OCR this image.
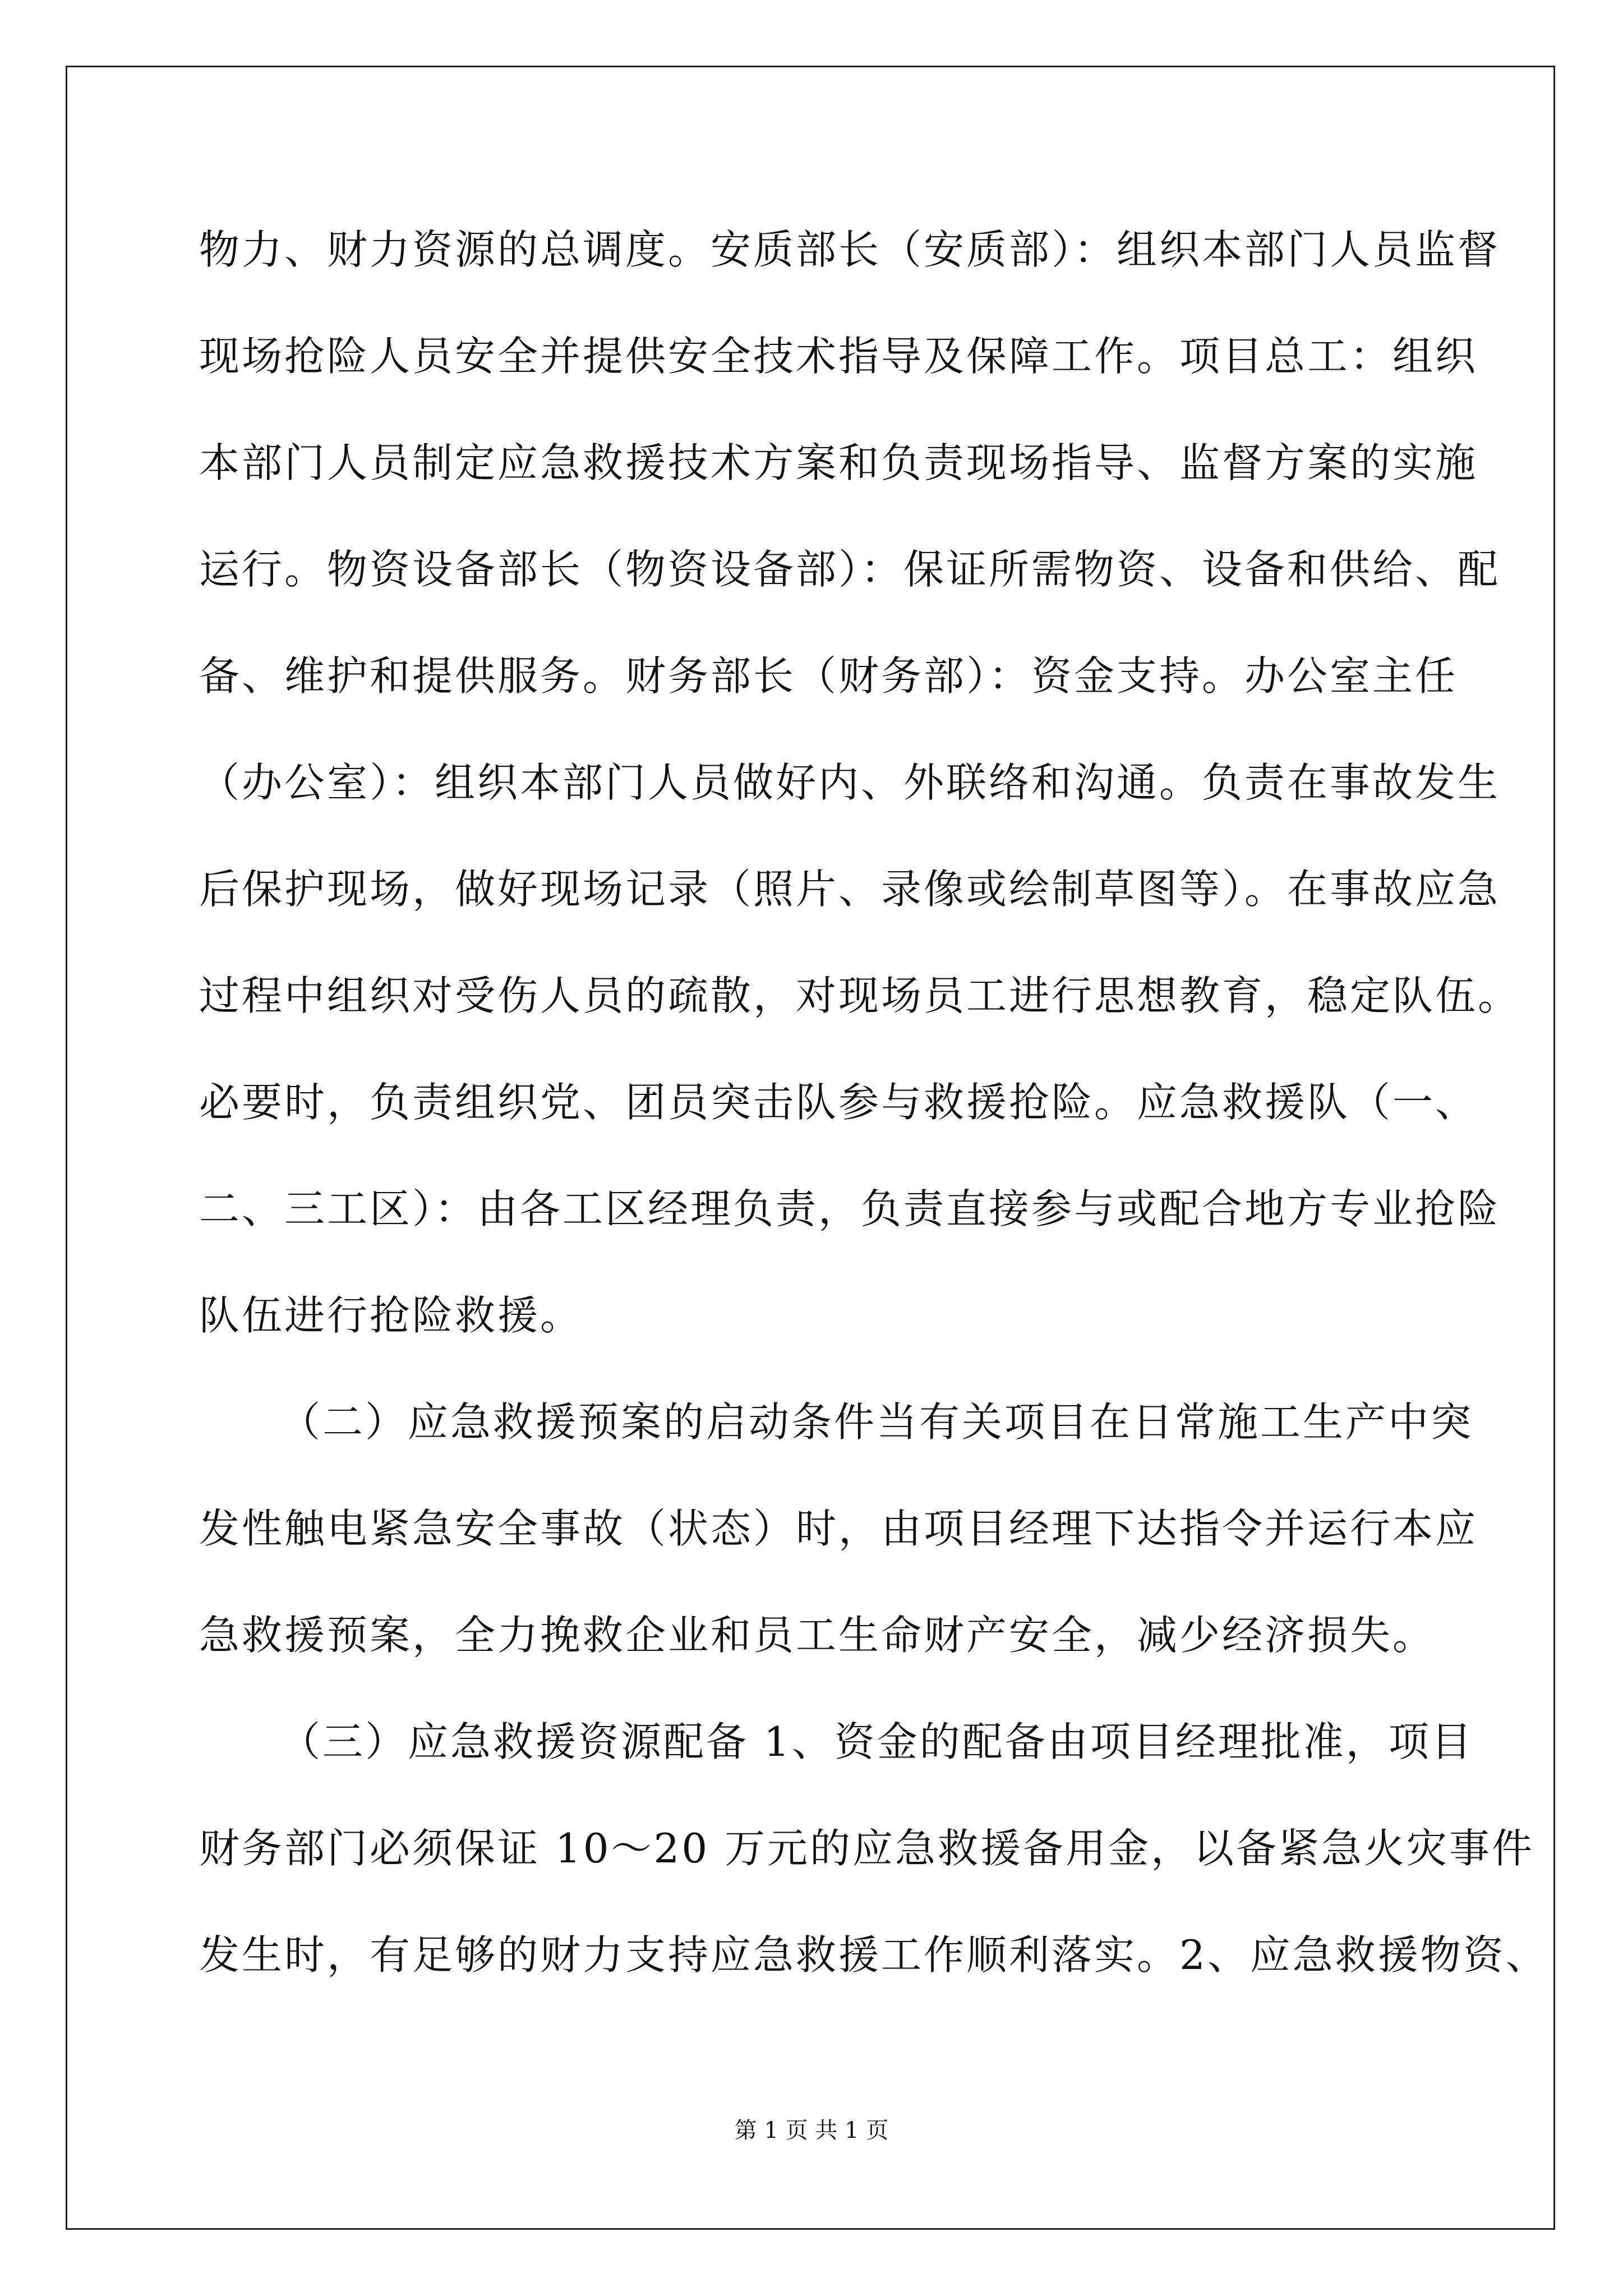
物力、财力资源的总调度。安质部长（安质部）：组织本部门人员监督
现场抢险人员安全并提供安全技术指导及保障工作。项目总工：组织
本部门人员制定应急救援技术方案和负责现场指导、监督方案的实施
运行。物资设备部长（物资设备部）：保证所需物资、设备和供给、配
备、维护和提供服务。财务部长（财务部）：资金支持。办公室主任
（办公室）：组织本部门人员做好内、外联络和沟通。负责在事故发生
后保护现场，做好现场记录（照片、录像或绘制草图等）。在事故应急
过程中组织对受伤人员的疏散，对现场员工进行思想教育，稳定队伍。
必要时，负责组织党、团员突击队参与救援抢险。应急救援队（一、
二、三工区）：由各工区经理负责，负责直接参与或配合地方专业抢险
队伍进行抢险救援。
（二）应急救援预案的启动条件当有关项目在日常施工生产中突
发性触电紧急安全事故（状态）时，由项目经理下达指令并运行本应
急救援预案，全力挽救企业和员工生命财产安全，减少经济损失。
（三）应急救援资源配备 1、资金的配备由项目经理批准，项目
财务部门必须保证 10～20 万元的应急救援备用金，以备紧急火灾事件
发生时，有足够的财力支持应急救援工作顺利落实。2、应急救援物资、
第 1 页 共 1 页
